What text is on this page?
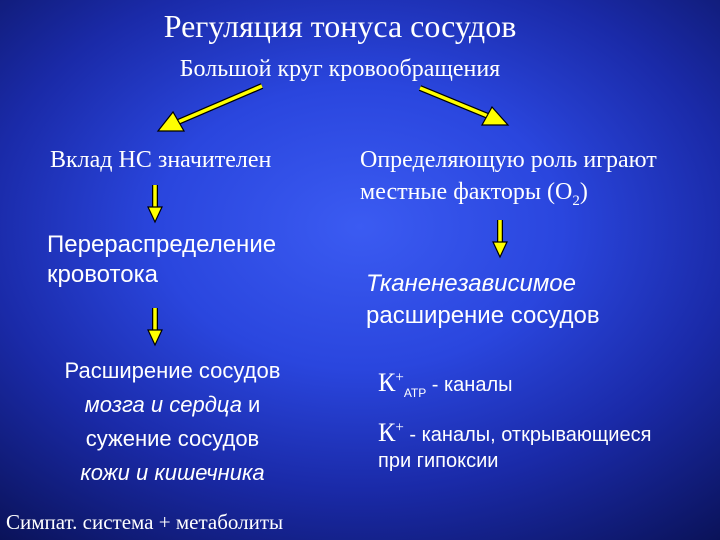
Регуляция тонуса сосудов
Большой круг кровообращения
Вклад НС значителен
Перераспределение
кровотока
Расширение сосудов
мозга и сердца и
сужение сосудов
кожи и кишечника
Симпат. система + метаболиты
Определяющую роль играют
местные факторы $(О_2)$
Тканенезависимое
расширение сосудов
$К^+_{АТР}$ - каналы
К+ - каналы, открывающиеся
при гипоксии
